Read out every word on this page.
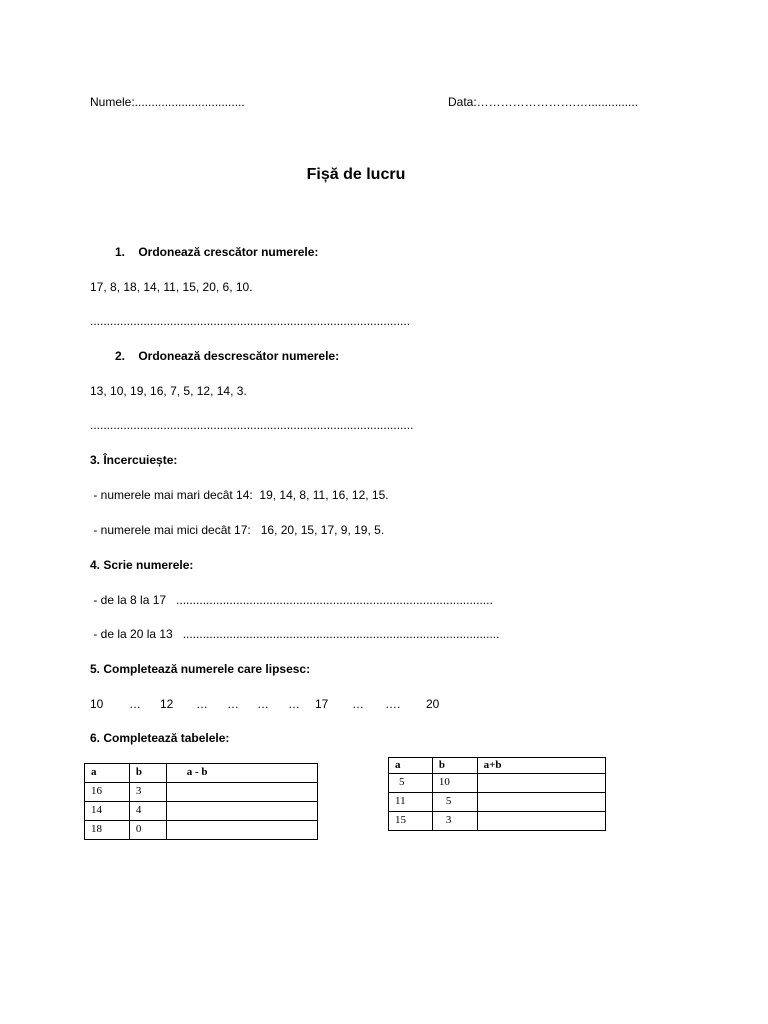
Numele:.................................	Data:…………………….…...............
Fișă de lucru
1.    Ordonează crescător numerele:
17, 8, 18, 14, 11, 15, 20, 6, 10.
................................................................................................
2.    Ordonează descrescător numerele:
13, 10, 19, 16, 7, 5, 12, 14, 3.
.................................................................................................
3. Încercuiește:
- numerele mai mari decât 14:  19, 14, 8, 11, 16, 12, 15.
- numerele mai mici decât 17:   16, 20, 15, 17, 9, 19, 5.
4. Scrie numerele:
- de la 8 la 17   ...............................................................................................
- de la 20 la 13   ...............................................................................................
5. Completează numerele care lipsesc:

10

…

12

…

…

…

…

17

…

….

20

6. Completează tabelele:
a	b	a - b
16	3	
14	4	
18	0	
a	b	a+b
5	10	
11	5	
15	3	
